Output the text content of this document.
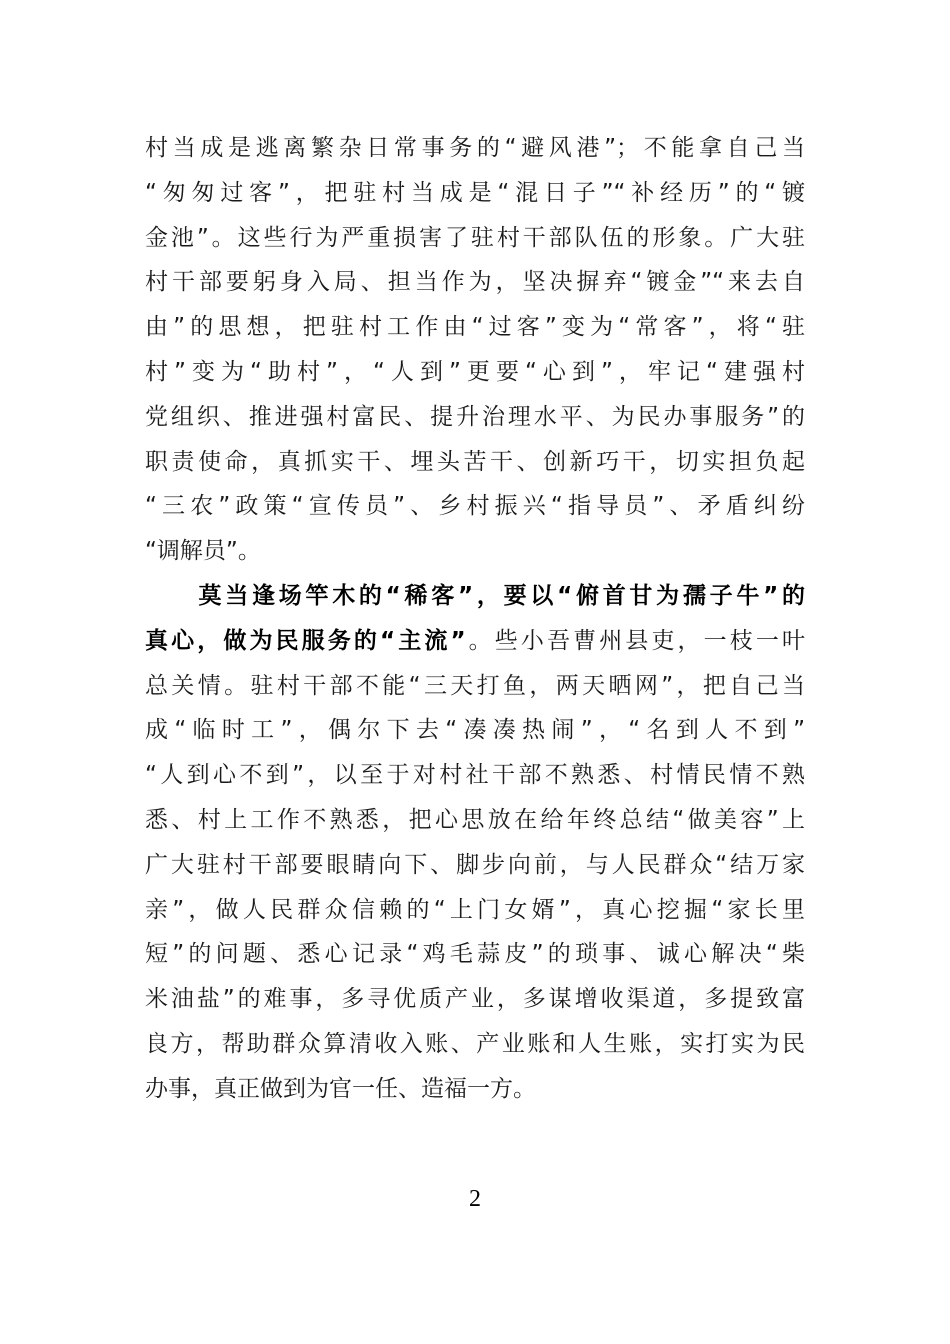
村当成是逃离繁杂日常事务的“避风港”；不能拿自己当
“匆匆过客”，把驻村当成是“混日子”“补经历”的“镀
金池”。这些行为严重损害了驻村干部队伍的形象。广大驻
村干部要躬身入局、担当作为，坚决摒弃“镀金”“来去自
由”的思想，把驻村工作由“过客”变为“常客”，将“驻
村”变为“助村”，“人到”更要“心到”，牢记“建强村
党组织、推进强村富民、提升治理水平、为民办事服务”的
职责使命，真抓实干、埋头苦干、创新巧干，切实担负起
“三农”政策“宣传员”、乡村振兴“指导员”、矛盾纠纷
“调解员”。
　　莫当逢场竿木的“稀客”，要以“俯首甘为孺子牛”的
真心，做为民服务的“主流”。些小吾曹州县吏，一枝一叶
总关情。驻村干部不能“三天打鱼，两天晒网”，把自己当
成“临时工”，偶尔下去“凑凑热闹”，“名到人不到”
“人到心不到”，以至于对村社干部不熟悉、村情民情不熟
悉、村上工作不熟悉，把心思放在给年终总结“做美容”上
广大驻村干部要眼睛向下、脚步向前，与人民群众“结万家
亲”，做人民群众信赖的“上门女婿”，真心挖掘“家长里
短”的问题、悉心记录“鸡毛蒜皮”的琐事、诚心解决“柴
米油盐”的难事，多寻优质产业，多谋增收渠道，多提致富
良方，帮助群众算清收入账、产业账和人生账，实打实为民
办事，真正做到为官一任、造福一方。
2
